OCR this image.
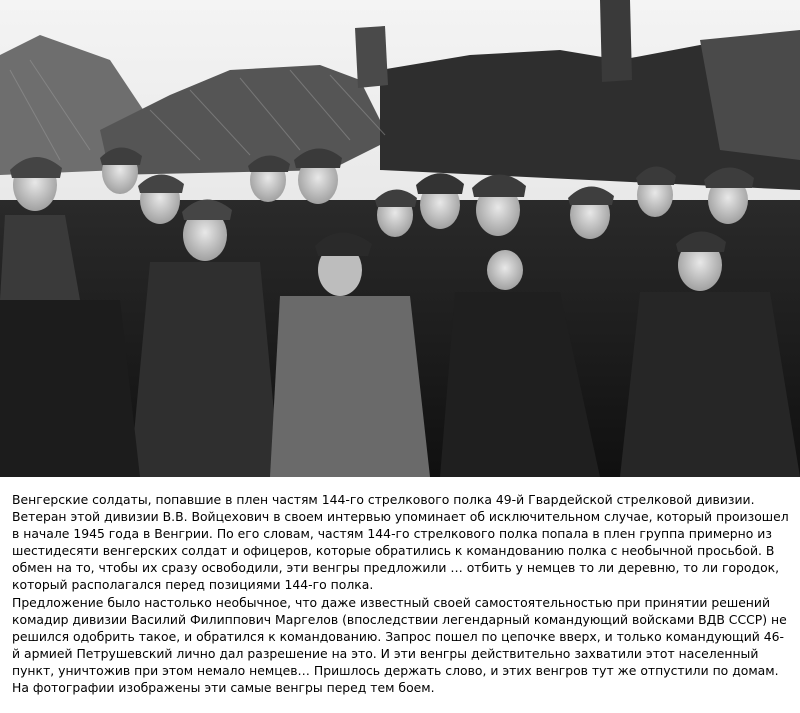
Венгерские солдаты, попавшие в плен частям 144-го стрелкового полка 49-й Гвардейской стрелковой дивизии. Ветеран этой дивизии В.В. Войцехович в своем интервью упоминает об исключительном случае, который произошел в начале 1945 года в Венгрии. По его словам, частям 144-го стрелкового полка попала в плен группа примерно из шестидесяти венгерских солдат и офицеров, которые обратились к командованию полка с необычной просьбой. В обмен на то, чтобы их сразу освободили, эти венгры предложили … отбить у немцев то ли деревню, то ли городок, который располагался перед позициями 144-го полка.

Предложение было настолько необычное, что даже известный своей самостоятельностью при принятии решений комадир дивизии Василий Филиппович Маргелов (впоследствии легендарный командующий войсками ВДВ СССР) не решился одобрить такое, и обратился к командованию. Запрос пошел по цепочке вверх, и только командующий 46-й армией Петрушевский лично дал разрешение на это. И эти венгры действительно захватили этот населенный пункт, уничтожив при этом немало немцев… Пришлось держать слово, и этих венгров тут же отпустили по домам.

На фотографии изображены эти самые венгры перед тем боем.
